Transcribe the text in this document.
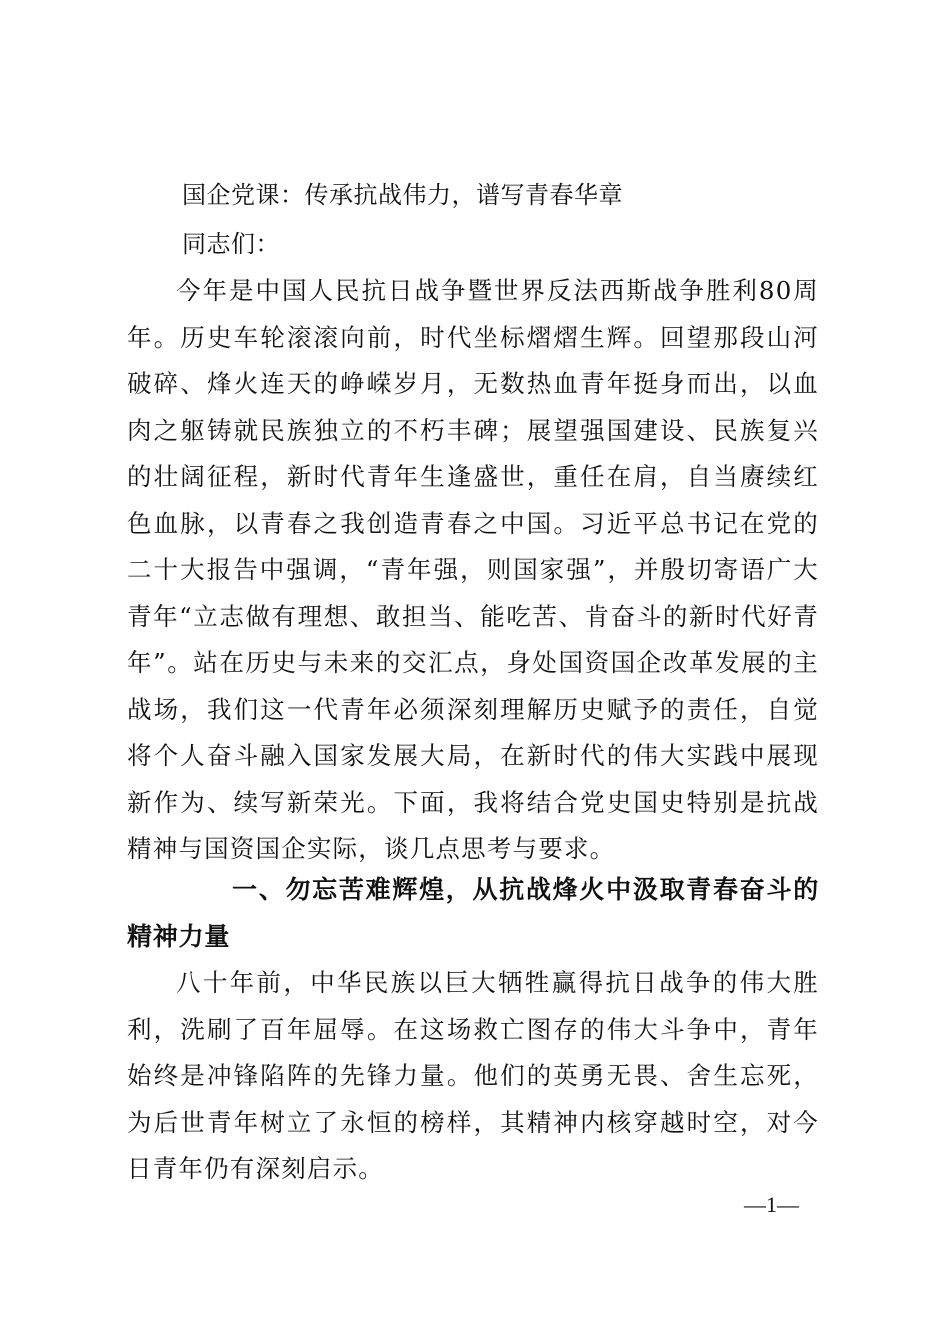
国企党课：传承抗战伟力，谱写青春华章
同志们：

今年是中国人民抗日战争暨世界反法西斯战争胜利80周年。历史车轮滚滚向前，时代坐标熠熠生辉。回望那段山河破碎、烽火连天的峥嵘岁月，无数热血青年挺身而出，以血肉之躯铸就民族独立的不朽丰碑；展望强国建设、民族复兴的壮阔征程，新时代青年生逢盛世，重任在肩，自当赓续红色血脉，以青春之我创造青春之中国。习近平总书记在党的二十大报告中强调，“青年强，则国家强”，并殷切寄语广大青年“立志做有理想、敢担当、能吃苦、肯奋斗的新时代好青年”。站在历史与未来的交汇点，身处国资国企改革发展的主战场，我们这一代青年必须深刻理解历史赋予的责任，自觉将个人奋斗融入国家发展大局，在新时代的伟大实践中展现新作为、续写新荣光。下面，我将结合党史国史特别是抗战精神与国资国企实际，谈几点思考与要求。

一、勿忘苦难辉煌，从抗战烽火中汲取青春奋斗的精神力量

八十年前，中华民族以巨大牺牲赢得抗日战争的伟大胜利，洗刷了百年屈辱。在这场救亡图存的伟大斗争中，青年始终是冲锋陷阵的先锋力量。他们的英勇无畏、舍生忘死，为后世青年树立了永恒的榜样，其精神内核穿越时空，对今日青年仍有深刻启示。

—1—
